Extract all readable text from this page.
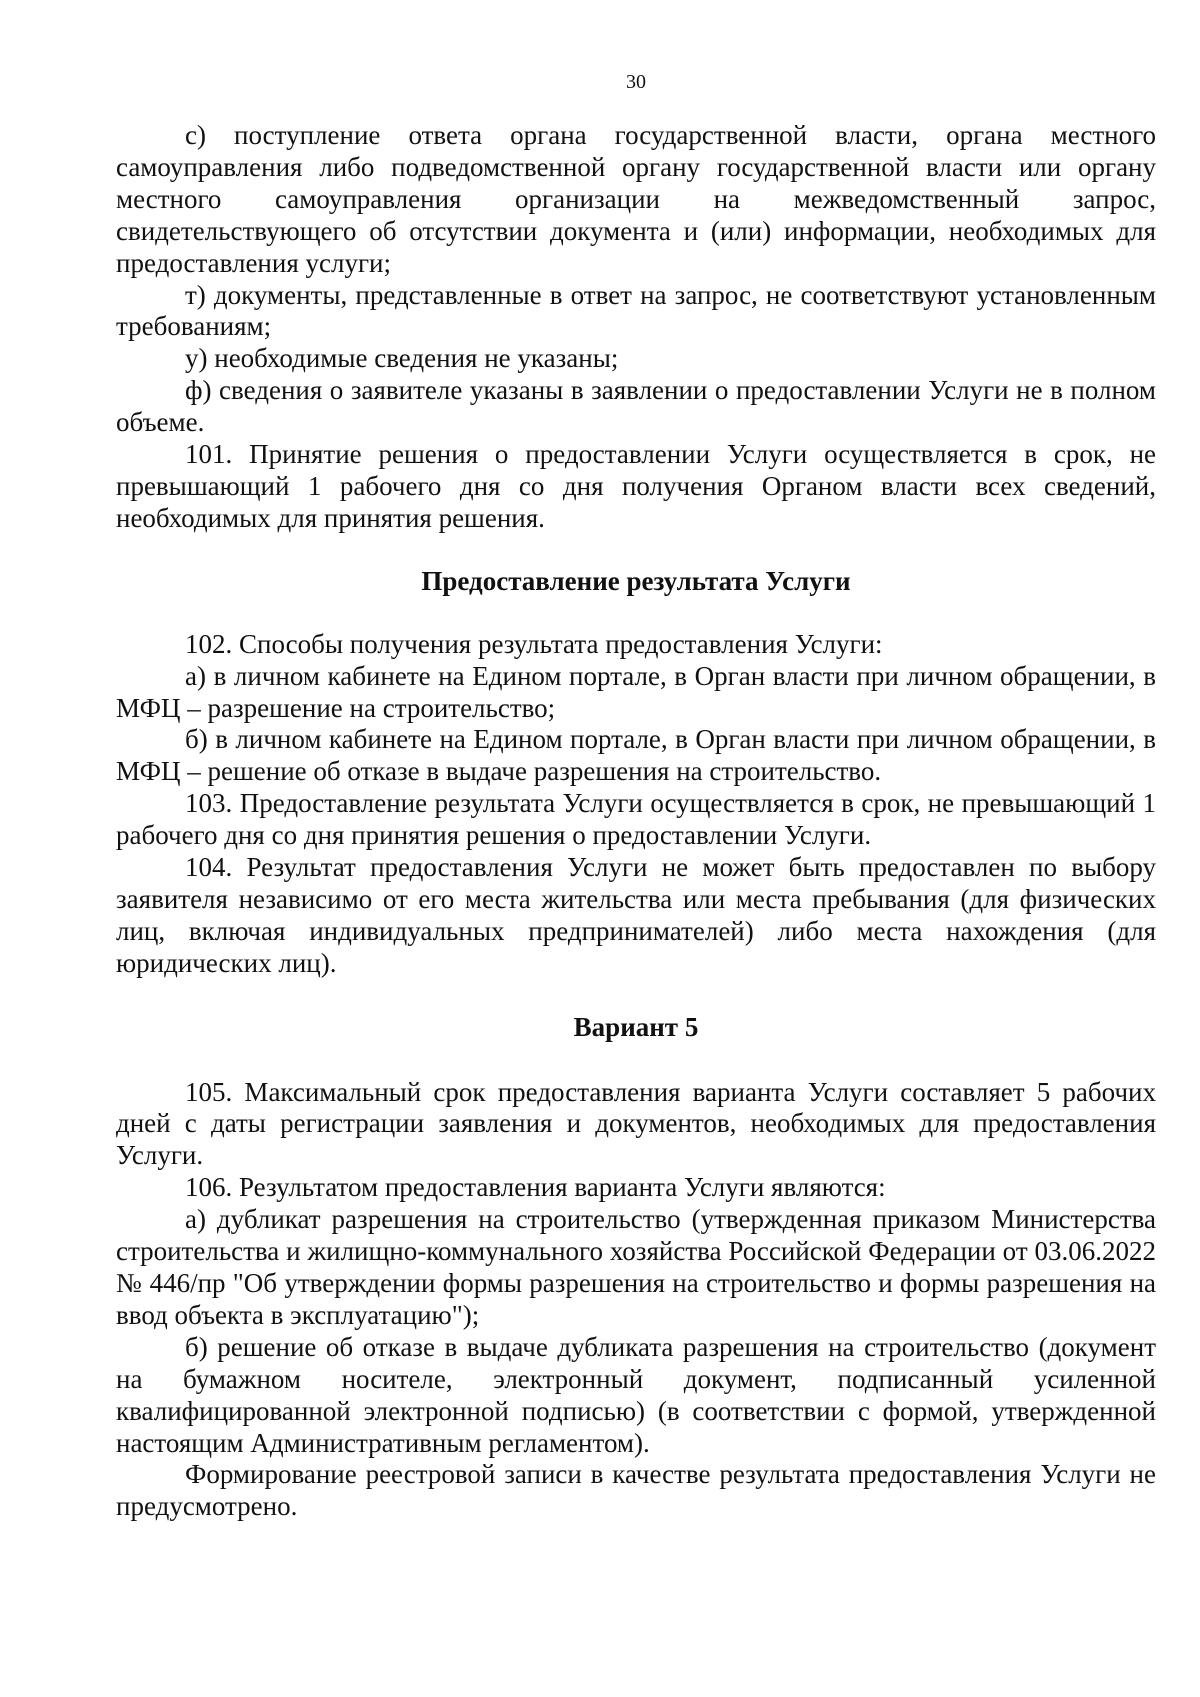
30

с) поступление ответа органа государственной власти, органа местного самоуправления либо подведомственной органу государственной власти или органу местного самоуправления организации на межведомственный запрос, свидетельствующего об отсутствии документа и (или) информации, необходимых для предоставления услуги;

т) документы, представленные в ответ на запрос, не соответствуют установленным требованиям;

у) необходимые сведения не указаны;

ф) сведения о заявителе указаны в заявлении о предоставлении Услуги не в полном объеме.

101. Принятие решения о предоставлении Услуги осуществляется в срок, не превышающий 1 рабочего дня со дня получения Органом власти всех сведений, необходимых для принятия решения.

Предоставление результата Услуги

102. Способы получения результата предоставления Услуги:

а) в личном кабинете на Едином портале, в Орган власти при личном обращении, в МФЦ – разрешение на строительство;

б) в личном кабинете на Едином портале, в Орган власти при личном обращении, в МФЦ – решение об отказе в выдаче разрешения на строительство.

103. Предоставление результата Услуги осуществляется в срок, не превышающий 1 рабочего дня со дня принятия решения о предоставлении Услуги.

104. Результат предоставления Услуги не может быть предоставлен по выбору заявителя независимо от его места жительства или места пребывания (для физических лиц, включая индивидуальных предпринимателей) либо места нахождения (для юридических лиц).

Вариант 5

105. Максимальный срок предоставления варианта Услуги составляет 5 рабочих дней с даты регистрации заявления и документов, необходимых для предоставления Услуги.

106. Результатом предоставления варианта Услуги являются:

а) дубликат разрешения на строительство (утвержденная приказом Министерства строительства и жилищно-коммунального хозяйства Российской Федерации от 03.06.2022 № 446/пр "Об утверждении формы разрешения на строительство и формы разрешения на ввод объекта в эксплуатацию");

б) решение об отказе в выдаче дубликата разрешения на строительство (документ на бумажном носителе, электронный документ, подписанный усиленной квалифицированной электронной подписью) (в соответствии с формой, утвержденной настоящим Административным регламентом).

Формирование реестровой записи в качестве результата предоставления Услуги не предусмотрено.
